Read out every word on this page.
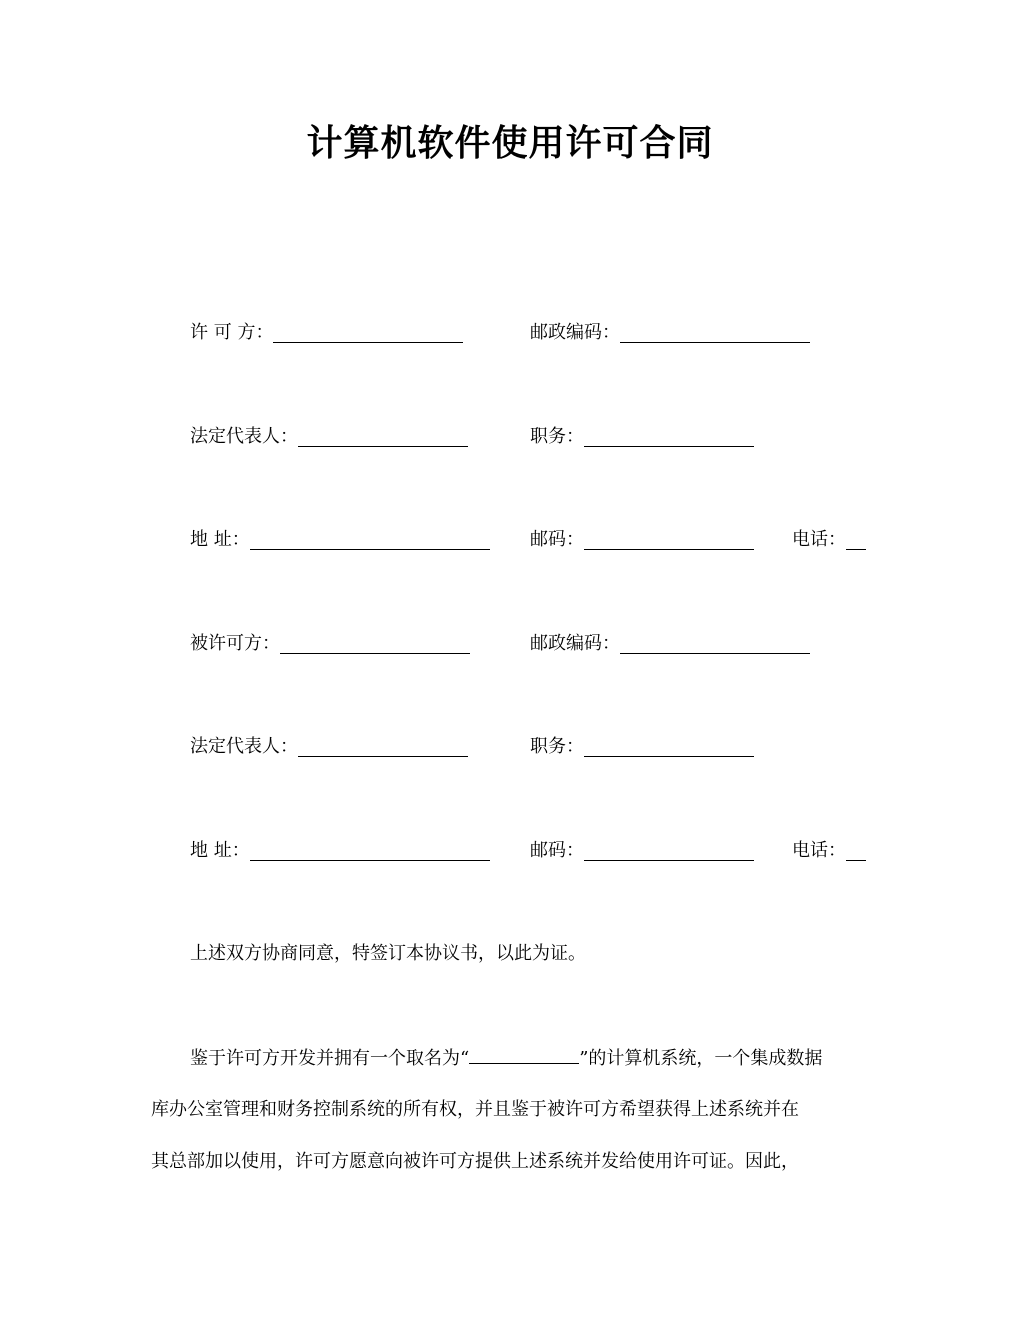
计算机软件使用许可合同
许 可 方：	邮政编码：
法定代表人：	职务：
地 址：	邮码：	电话：
被许可方：	邮政编码：
法定代表人：	职务：
地 址：	邮码：	电话：
上述双方协商同意，特签订本协议书，以此为证。
鉴于许可方开发并拥有一个取名为“	”的计算机系统，一个集成数据
库办公室管理和财务控制系统的所有权，并且鉴于被许可方希望获得上述系统并在
其总部加以使用，许可方愿意向被许可方提供上述系统并发给使用许可证。因此，
